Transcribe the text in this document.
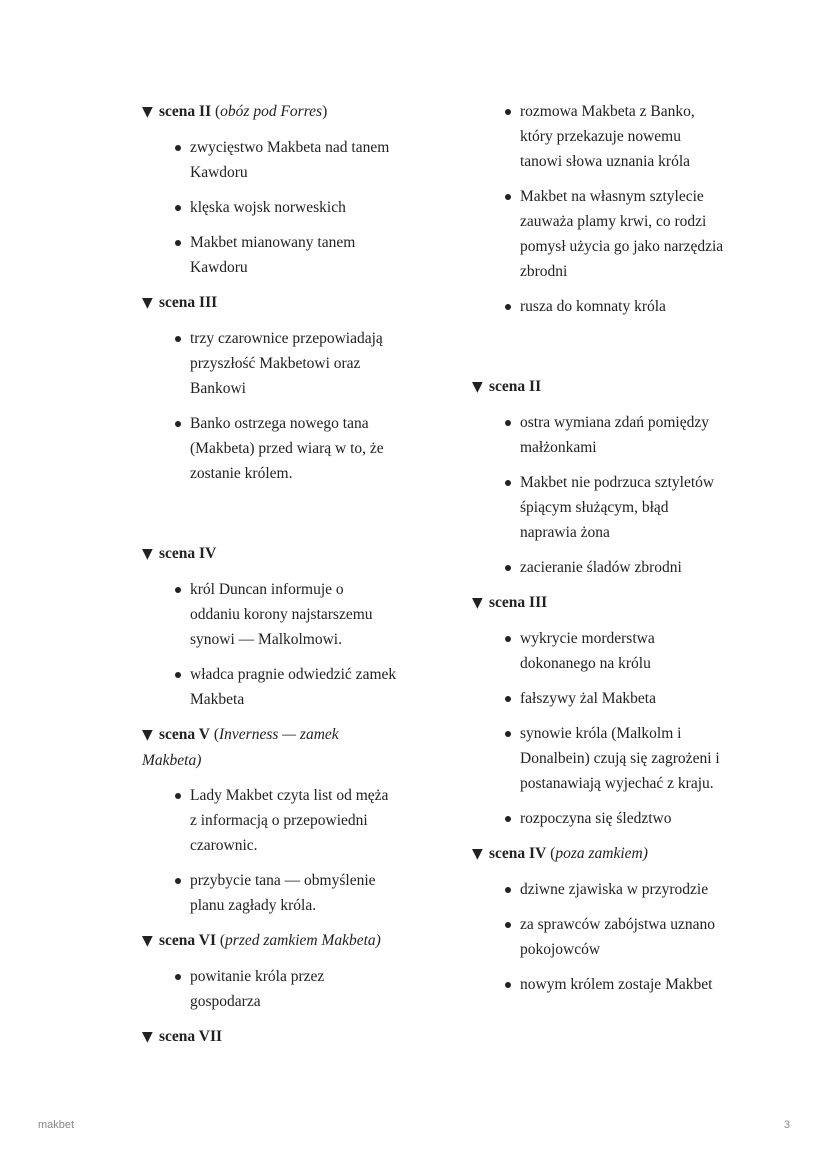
▼ scena II (obóz pod Forres)
zwycięstwo Makbeta nad tanem Kawdoru
klęska wojsk norweskich
Makbet mianowany tanem Kawdoru
▼ scena III
trzy czarownice przepowiadają przyszłość Makbetowi oraz Bankowi
Banko ostrzega nowego tana (Makbeta) przed wiarą w to, że zostanie królem.
▼ scena IV
król Duncan informuje o oddaniu korony najstarszemu synowi — Malkolmowi.
władca pragnie odwiedzić zamek Makbeta
▼ scena V (Inverness — zamek Makbeta)
Lady Makbet czyta list od męża z informacją o przepowiedni czarownic.
przybycie tana — obmyślenie planu zagłady króla.
▼ scena VI (przed zamkiem Makbeta)
powitanie króla przez gospodarza
▼ scena VII
rozmowa Makbeta z Banko, który przekazuje nowemu tanowi słowa uznania króla
Makbet na własnym sztylecie zauważa plamy krwi, co rodzi pomysł użycia go jako narzędzia zbrodni
rusza do komnaty króla
▼ scena II
ostra wymiana zdań pomiędzy małżonkami
Makbet nie podrzuca sztyletów śpiącym służącym, błąd naprawia żona
zacieranie śladów zbrodni
▼ scena III
wykrycie morderstwa dokonanego na królu
fałszywy żal Makbeta
synowie króla (Malkolm i Donalbein) czują się zagrożeni i postanawiają wyjechać z kraju.
rozpoczyna się śledztwo
▼ scena IV (poza zamkiem)
dziwne zjawiska w przyrodzie
za sprawców zabójstwa uznano pokojowców
nowym królem zostaje Makbet
makbet	3
